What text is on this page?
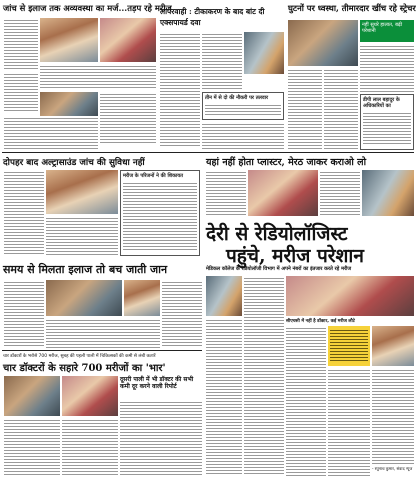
जांच से इलाज तक अव्यवस्था का मर्ज...तड़प रहे मरीज
लापरवाही : टीकाकरण के बाद बांट दी एक्सपायर्ड दवा
घुटनों पर ध्वस्था, तीमारदार खींच रहे स्ट्रेचर
तीन में से दो की नौकरी पर तलवार
नहीं सुधरे हालात, बढ़ी परेशानी
डीपी लाल बहादुर के अधिकारियों का
दोपहर बाद अल्ट्रासाउंड जांच की सुविधा नहीं	यहां नहीं होता प्लास्टर, मेरठ जाकर कराओ लो
मरीज के परिजनों ने की शिकायत
देरी से रेडियोलॉजिस्ट
पहुंचे, मरीज परेशान
मेडिकल कॉलेज के रेडियोलॉजी विभाग में अपने नंबरों का इंतजार करते रहे मरीज
समय से मिलता इलाज तो बच जाती जान
सीएचसी में नहीं है डॉक्टर, कई मरीज लौटे
- रघुनाथ कुमार, संवाद न्यूज
चार डॉक्टरों के भरोसे 700 मरीज, सुबह की पहली पाली में चिकित्सकों की कमी से लंबी कतारें
चार डॉक्टरों के सहारे 700 मरीजों का 'भार'
दूसरी पाली में भी डॉक्टर की सभी कमी दूर करने वाली रिपोर्ट
